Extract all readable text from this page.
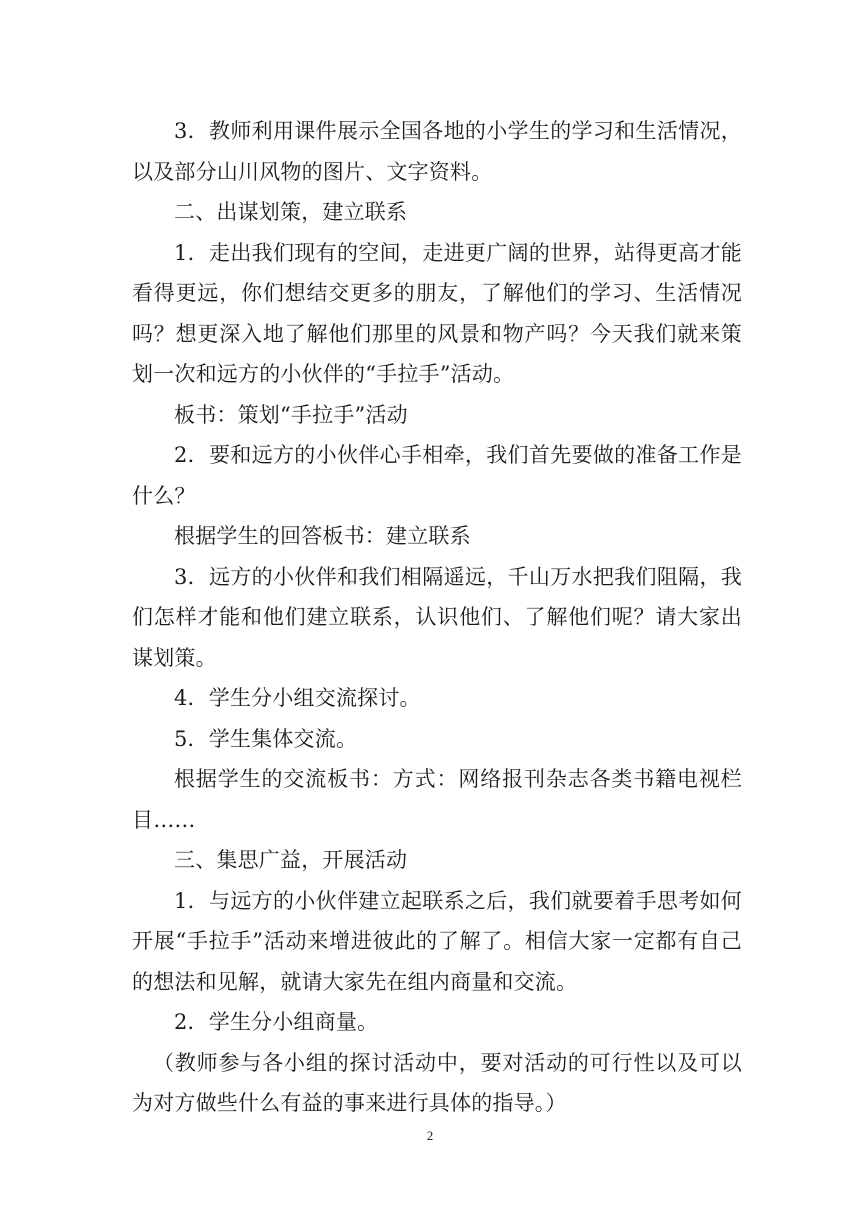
3．教师利用课件展示全国各地的小学生的学习和生活情况，以及部分山川风物的图片、文字资料。

二、出谋划策，建立联系

1．走出我们现有的空间，走进更广阔的世界，站得更高才能看得更远，你们想结交更多的朋友，了解他们的学习、生活情况吗？想更深入地了解他们那里的风景和物产吗？今天我们就来策划一次和远方的小伙伴的“手拉手”活动。

板书：策划“手拉手”活动

2．要和远方的小伙伴心手相牵，我们首先要做的准备工作是什么？

根据学生的回答板书：建立联系

3．远方的小伙伴和我们相隔遥远，千山万水把我们阻隔，我们怎样才能和他们建立联系，认识他们、了解他们呢？请大家出谋划策。

4．学生分小组交流探讨。

5．学生集体交流。

根据学生的交流板书：方式：网络报刊杂志各类书籍电视栏目……

三、集思广益，开展活动

1．与远方的小伙伴建立起联系之后，我们就要着手思考如何开展“手拉手”活动来增进彼此的了解了。相信大家一定都有自己的想法和见解，就请大家先在组内商量和交流。

2．学生分小组商量。

（教师参与各小组的探讨活动中，要对活动的可行性以及可以为对方做些什么有益的事来进行具体的指导。）

2
